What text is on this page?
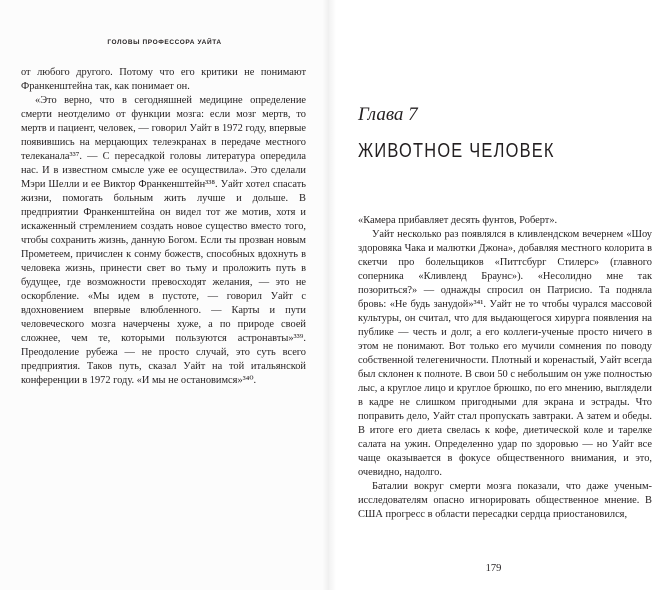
ГОЛОВЫ ПРОФЕССОРА УАЙТА

от любого другого. Потому что его критики не понимают Франкенштейна так, как понимает он.

«Это верно, что в сегодняшней медицине определение смерти неотделимо от функции мозга: если мозг мертв, то мертв и пациент, человек, — говорил Уайт в 1972 году, впервые появившись на мерцающих телеэкранах в передаче местного телеканала³³⁷. — С пересадкой головы литература опередила нас. И в известном смысле уже ее осуществила». Это сделали Мэри Шелли и ее Виктор Франкенштейн³³⁸. Уайт хотел спасать жизни, помогать больным жить лучше и дольше. В предприятии Франкенштейна он видел тот же мотив, хотя и искаженный стремлением создать новое существо вместо того, чтобы сохранить жизнь, данную Богом. Если ты прозван новым Прометеем, причислен к сонму божеств, способных вдохнуть в человека жизнь, принести свет во тьму и проложить путь в будущее, где возможности превосходят желания, — это не оскорбление. «Мы идем в пустоте, — говорил Уайт с вдохновением впервые влюбленного. — Карты и пути человеческого мозга начерчены хуже, а по природе своей сложнее, чем те, которыми пользуются астронавты»³³⁹. Преодоление рубежа — не просто случай, это суть всего предприятия. Таков путь, сказал Уайт на той итальянской конференции в 1972 году. «И мы не остановимся»³⁴⁰.

Глава 7
ЖИВОТНОЕ ЧЕЛОВЕК

«Камера прибавляет десять фунтов, Роберт».

Уайт несколько раз появлялся в кливлендском вечернем «Шоу здоровяка Чака и малютки Джона», добавляя местного колорита в скетчи про болельщиков «Питтсбург Стилерс» (главного соперника «Кливленд Браунс»). «Несолидно мне так позориться?» — однажды спросил он Патрисио. Та подняла бровь: «Не будь занудой»³⁴¹. Уайт не то чтобы чурался массовой культуры, он считал, что для выдающегося хирурга появления на публике — честь и долг, а его коллеги-ученые просто ничего в этом не понимают. Вот только его мучили сомнения по поводу собственной телегеничности. Плотный и коренастый, Уайт всегда был склонен к полноте. В свои 50 с небольшим он уже полностью лыс, а круглое лицо и круглое брюшко, по его мнению, выглядели в кадре не слишком пригодными для экрана и эстрады. Что поправить дело, Уайт стал пропускать завтраки. А затем и обеды. В итоге его диета свелась к кофе, диетической коле и тарелке салата на ужин. Определенно удар по здоровью — но Уайт все чаще оказывается в фокусе общественного внимания, и это, очевидно, надолго.

Баталии вокруг смерти мозга показали, что даже ученым-исследователям опасно игнорировать общественное мнение. В США прогресс в области пересадки сердца приостановился,

179
